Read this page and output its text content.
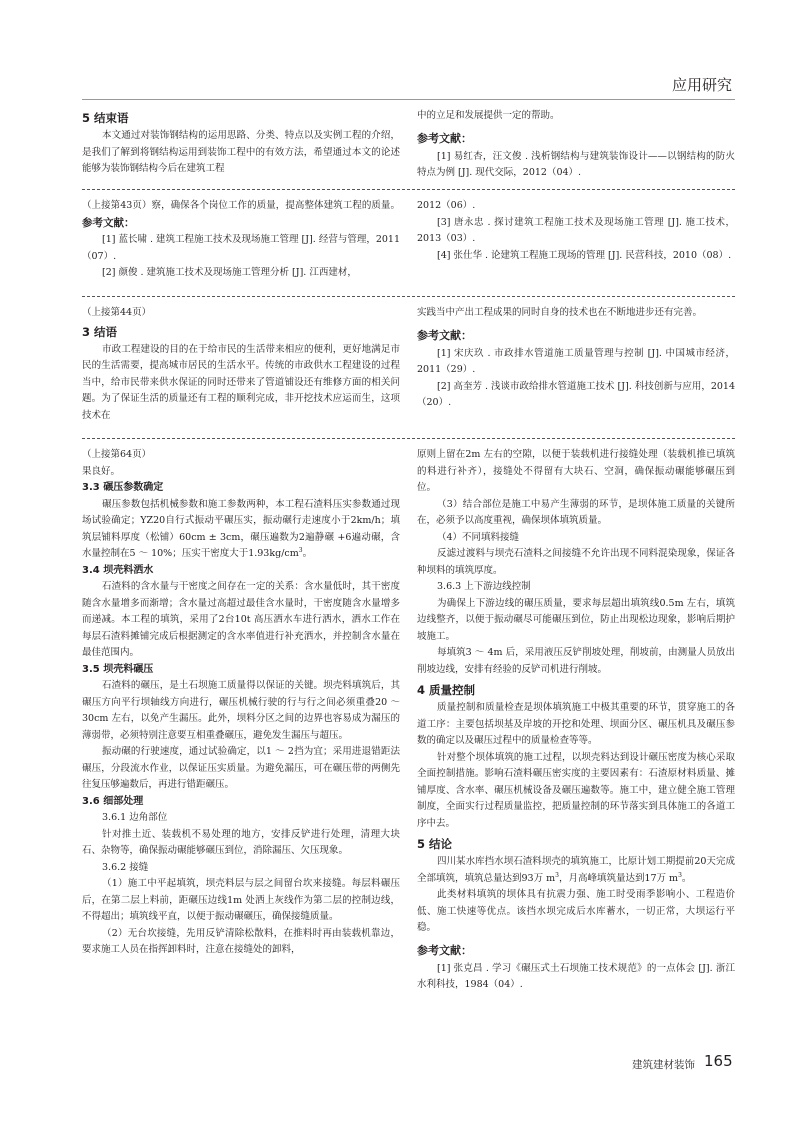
应用研究

5 结束语

本文通过对装饰钢结构的运用思路、分类、特点以及实例工程的介绍，是我们了解到将钢结构运用到装饰工程中的有效方法，希望通过本文的论述能够为装饰钢结构今后在建筑工程

中的立足和发展提供一定的帮助。

参考文献：

[1] 易红杏，汪文俊 . 浅析钢结构与建筑装饰设计——以钢结构的防火特点为例 [J]. 现代交际，2012（04）.

（上接第43页）察，确保各个岗位工作的质量，提高整体建筑工程的质量。参考文献：

[1] 蓝长啸 . 建筑工程施工技术及现场施工管理 [J]. 经营与管理，2011（07）.

[2] 颜俊 . 建筑施工技术及现场施工管理分析 [J]. 江西建材，

2012（06）.

[3] 唐永忠 . 探讨建筑工程施工技术及现场施工管理 [J]. 施工技术，2013（03）.

[4] 张仕华 . 论建筑工程施工现场的管理 [J]. 民营科技，2010（08）.

（上接第44页）

3 结语

市政工程建设的目的在于给市民的生活带来相应的便利，更好地满足市民的生活需要，提高城市居民的生活水平。传统的市政供水工程建设的过程当中，给市民带来供水保证的同时还带来了管道铺设还有维修方面的相关问题。为了保证生活的质量还有工程的顺利完成，非开挖技术应运而生，这项技术在

实践当中产出工程成果的同时自身的技术也在不断地进步还有完善。

参考文献：

[1] 宋庆玖 . 市政排水管道施工质量管理与控制 [J]. 中国城市经济，2011（29）.

[2] 高奎芳 . 浅谈市政给排水管道施工技术 [J]. 科技创新与应用，2014（20）.

（上接第64页）

果良好。

3.3 碾压参数确定

碾压参数包括机械参数和施工参数两种，本工程石渣料压实参数通过现场试验确定；YZ20自行式振动平碾压实，振动碾行走速度小于2km/h；填筑层铺料厚度（松铺）60cm ± 3cm，碾压遍数为2遍静碾 +6遍动碾，含水量控制在5 ～ 10%；压实干密度大于$1.93kg/cm^3$。

3.4 坝壳料洒水

石渣料的含水量与干密度之间存在一定的关系：含水量低时，其干密度随含水量增多而渐增；含水量过高超过最佳含水量时，干密度随含水量增多而递减。本工程的填筑，采用了2台10t 高压洒水车进行洒水，洒水工作在每层石渣料摊铺完成后根据测定的含水率值进行补充洒水，并控制含水量在最佳范围内。

3.5 坝壳料碾压

石渣料的碾压，是土石坝施工质量得以保证的关键。坝壳料填筑后，其碾压方向平行坝轴线方向进行，碾压机械行驶的行与行之间必须重叠20 ～ 30cm 左右，以免产生漏压。此外，坝料分区之间的边界也容易成为漏压的薄弱带，必须特别注意要互相重叠碾压，避免发生漏压与超压。

振动碾的行驶速度，通过试验确定，以1 ～ 2挡为宜；采用进退错距法碾压，分段流水作业，以保证压实质量。为避免漏压，可在碾压带的两侧先往复压够遍数后，再进行错距碾压。

3.6 细部处理

3.6.1 边角部位

针对推土近、装载机不易处理的地方，安排反铲进行处理，清理大块石、杂物等，确保振动碾能够碾压到位，消除漏压、欠压现象。

3.6.2 接缝

（1）施工中平起填筑，坝壳料层与层之间留台坎来接缝。每层料碾压后，在第二层上料前，距碾压边线1m 处洒上灰线作为第二层的控制边线，不得超出；填筑线平直，以便于振动碾碾压，确保接缝质量。

（2）无台坎接缝，先用反铲清除松散料，在推料时再由装载机靠边，要求施工人员在指挥卸料时，注意在接缝处的卸料，

原则上留在2m 左右的空隙，以便于装载机进行接缝处理（装载机推已填筑的料进行补齐），接缝处不得留有大块石、空洞，确保振动碾能够碾压到位。

（3）结合部位是施工中易产生薄弱的环节，是坝体施工质量的关键所在，必须予以高度重视，确保坝体填筑质量。

（4）不同填料接缝

反滤过渡料与坝壳石渣料之间接缝不允许出现不同料混染现象，保证各种坝料的填筑厚度。

3.6.3 上下游边线控制

为确保上下游边线的碾压质量，要求每层超出填筑线0.5m 左右，填筑边线整齐，以便于振动碾尽可能碾压到位，防止出现松边现象，影响后期护坡施工。

每填筑3 ～ 4m 后，采用液压反铲削坡处理，削坡前，由测量人员放出削坡边线，安排有经验的反铲司机进行削坡。

4 质量控制

质量控制和质量检查是坝体填筑施工中极其重要的环节，贯穿施工的各道工序：主要包括坝基及岸坡的开挖和处理、坝面分区、碾压机具及碾压参数的确定以及碾压过程中的质量检查等等。

针对整个坝体填筑的施工过程，以坝壳料达到设计碾压密度为核心采取全面控制措施。影响石渣料碾压密实度的主要因素有：石渣原材料质量、摊铺厚度、含水率、碾压机械设备及碾压遍数等。施工中，建立健全施工管理制度，全面实行过程质量监控，把质量控制的环节落实到具体施工的各道工序中去。

5 结论

四川某水库挡水坝石渣料坝壳的填筑施工，比原计划工期提前20天完成全部填筑，填筑总量达到93万 $m^3$，月高峰填筑量达到17万 $m^3$。

此类材料填筑的坝体具有抗震力强、施工时受雨季影响小、工程造价低、施工快速等优点。该挡水坝完成后水库蓄水，一切正常，大坝运行平稳。

参考文献：

[1] 张克昌 . 学习《碾压式土石坝施工技术规范》的一点体会 [J]. 浙江水利科技，1984（04）.

建筑建材装饰 165
